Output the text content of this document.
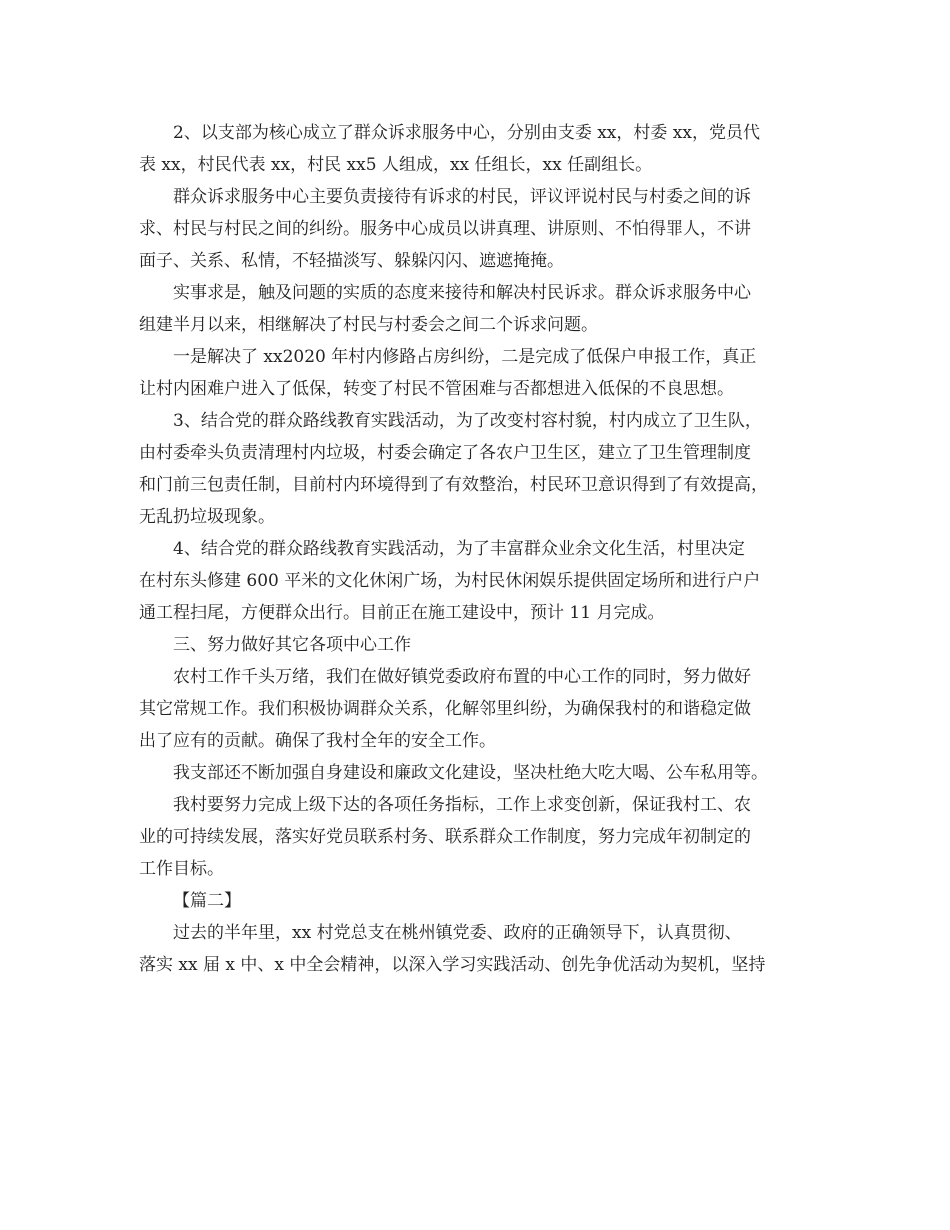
2、以支部为核心成立了群众诉求服务中心，分别由支委 xx，村委 xx，党员代
表 xx，村民代表 xx，村民 xx5 人组成，xx 任组长，xx 任副组长。
群众诉求服务中心主要负责接待有诉求的村民，评议评说村民与村委之间的诉
求、村民与村民之间的纠纷。服务中心成员以讲真理、讲原则、不怕得罪人，不讲
面子、关系、私情，不轻描淡写、躲躲闪闪、遮遮掩掩。
实事求是，触及问题的实质的态度来接待和解决村民诉求。群众诉求服务中心
组建半月以来，相继解决了村民与村委会之间二个诉求问题。
一是解决了 xx2020 年村内修路占房纠纷，二是完成了低保户申报工作，真正
让村内困难户进入了低保，转变了村民不管困难与否都想进入低保的不良思想。
3、结合党的群众路线教育实践活动，为了改变村容村貌，村内成立了卫生队，
由村委牵头负责清理村内垃圾，村委会确定了各农户卫生区，建立了卫生管理制度
和门前三包责任制，目前村内环境得到了有效整治，村民环卫意识得到了有效提高，
无乱扔垃圾现象。
4、结合党的群众路线教育实践活动，为了丰富群众业余文化生活，村里决定
在村东头修建 600 平米的文化休闲广场，为村民休闲娱乐提供固定场所和进行户户
通工程扫尾，方便群众出行。目前正在施工建设中，预计 11 月完成。
三、努力做好其它各项中心工作
农村工作千头万绪，我们在做好镇党委政府布置的中心工作的同时，努力做好
其它常规工作。我们积极协调群众关系，化解邻里纠纷，为确保我村的和谐稳定做
出了应有的贡献。确保了我村全年的安全工作。
我支部还不断加强自身建设和廉政文化建设，坚决杜绝大吃大喝、公车私用等。
我村要努力完成上级下达的各项任务指标，工作上求变创新，保证我村工、农
业的可持续发展，落实好党员联系村务、联系群众工作制度，努力完成年初制定的
工作目标。
【篇二】
过去的半年里，xx 村党总支在桃州镇党委、政府的正确领导下，认真贯彻、
落实 xx 届 x 中、x 中全会精神，以深入学习实践活动、创先争优活动为契机，坚持
